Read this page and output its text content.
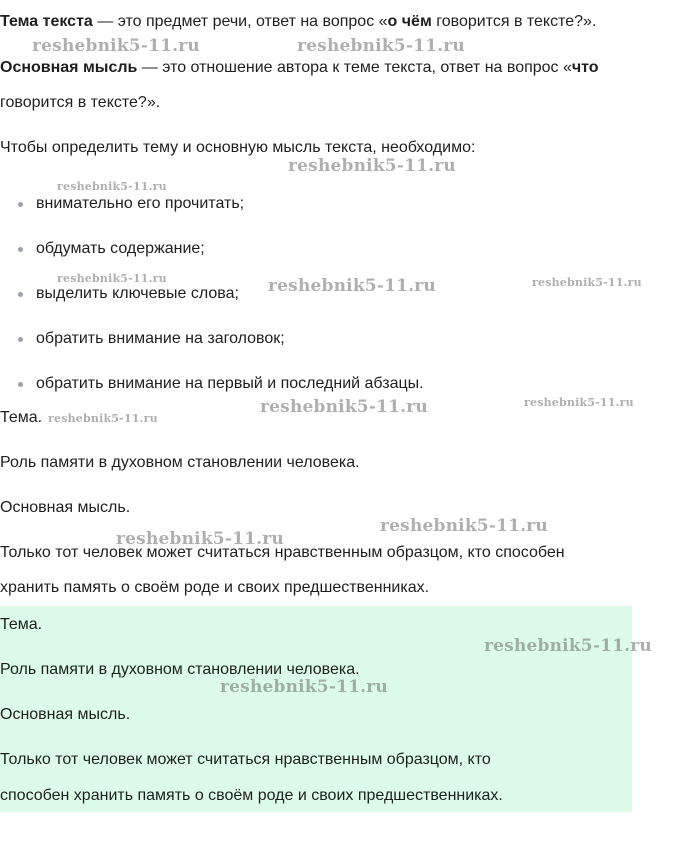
Тема текста — это предмет речи, ответ на вопрос «о чём говорится в тексте?».
Основная мысль — это отношение автора к теме текста, ответ на вопрос «что
говорится в тексте?».
Чтобы определить тему и основную мысль текста, необходимо:
внимательно его прочитать;
обдумать содержание;
выделить ключевые слова;
обратить внимание на заголовок;
обратить внимание на первый и последний абзацы.
Тема.
Роль памяти в духовном становлении человека.
Основная мысль.
Только тот человек может считаться нравственным образцом, кто способен
хранить память о своём роде и своих предшественниках.
Тема.
Роль памяти в духовном становлении человека.
Основная мысль.
Только тот человек может считаться нравственным образцом, кто
способен хранить память о своём роде и своих предшественниках.
reshebnik5-11.ru	reshebnik5-11.ru
reshebnik5-11.ru
reshebnik5-11.ru
reshebnik5-11.ru	reshebnik5-11.ru	reshebnik5-11.ru
reshebnik5-11.ru	reshebnik5-11.ru
reshebnik5-11.ru
reshebnik5-11.ru
reshebnik5-11.ru
reshebnik5-11.ru
reshebnik5-11.ru
